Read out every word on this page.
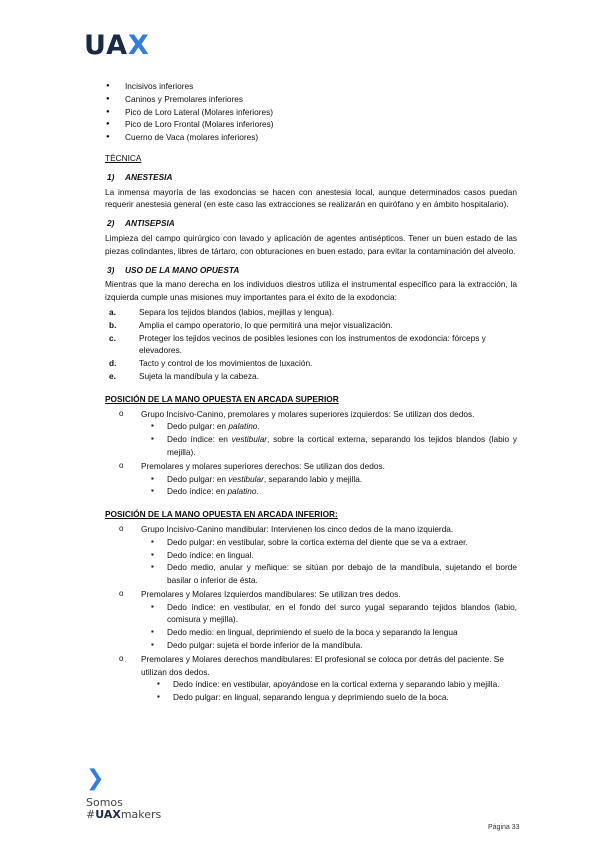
UAX
● Incisivos inferiores
● Caninos y Premolares inferiores
● Pico de Loro Lateral (Molares inferiores)
● Pico de Loro Frontal (Molares inferiores)
● Cuerno de Vaca (molares inferiores)
TÉCNICA
1) ANESTESIA
La inmensa mayoría de las exodoncias se hacen con anestesia local, aunque determinados casos puedan requerir anestesia general (en este caso las extracciones se realizarán en quirófano y en ámbito hospitalario).
2) ANTISEPSIA
Limpieza del campo quirúrgico con lavado y aplicación de agentes antisépticos. Tener un buen estado de las piezas colindantes, libres de tártaro, con obturaciones en buen estado, para evitar la contaminación del alveolo.
3) USO DE LA MANO OPUESTA
Mientras que la mano derecha en los individuos diestros utiliza el instrumental específico para la extracción, la izquierda cumple unas misiones muy importantes para el éxito de la exodoncia:
a.	Separa los tejidos blandos (labios, mejillas y lengua).
b.	Amplia el campo operatorio, lo que permitirá una mejor visualización.
c.	Proteger los tejidos vecinos de posibles lesiones con los instrumentos de exodoncia: fórceps y elevadores.
d.	Tacto y control de los movimientos de luxación.
e.	Sujeta la mandíbula y la cabeza.
POSICIÓN DE LA MANO OPUESTA EN ARCADA SUPERIOR
o Grupo Incisivo-Canino, premolares y molares superiores izquierdos: Se utilizan dos dedos.
▪ Dedo pulgar: en palatino.
▪ Dedo índice: en vestibular, sobre la cortical externa, separando los tejidos blandos (labio y mejilla).
o Premolares y molares superiores derechos: Se utilizan dos dedos.
▪ Dedo pulgar: en vestibular, separando labio y mejilla.
▪ Dedo índice: en palatino.
POSICIÓN DE LA MANO OPUESTA EN ARCADA INFERIOR:
o Grupo Incisivo-Canino mandibular: Intervienen los cinco dedos de la mano izquierda.
▪ Dedo pulgar: en vestibular, sobre la cortica externa del diente que se va a extraer.
▪ Dedo índice: en lingual.
▪ Dedo medio, anular y meñique: se sitúan por debajo de la mandíbula, sujetando el borde basilar o inferior de ésta.
o Premolares y Molares Izquierdos mandibulares: Se utilizan tres dedos.
▪ Dedo índice: en vestibular, en el fondo del surco yugal separando tejidos blandos (labio, comisura y mejilla).
▪ Dedo medio: en lingual, deprimiendo el suelo de la boca y separando la lengua
▪ Dedo pulgar: sujeta el borde inferior de la mandíbula.
o Premolares y Molares derechos mandibulares: El profesional se coloca por detrás del paciente. Se utilizan dos dedos.
▪ Dedo índice: en vestibular, apoyándose en la cortical externa y separando labio y mejilla.
▪ Dedo pulgar: en lingual, separando lengua y deprimiendo suelo de la boca.
❯
Somos
#UAXmakers
Página 33
